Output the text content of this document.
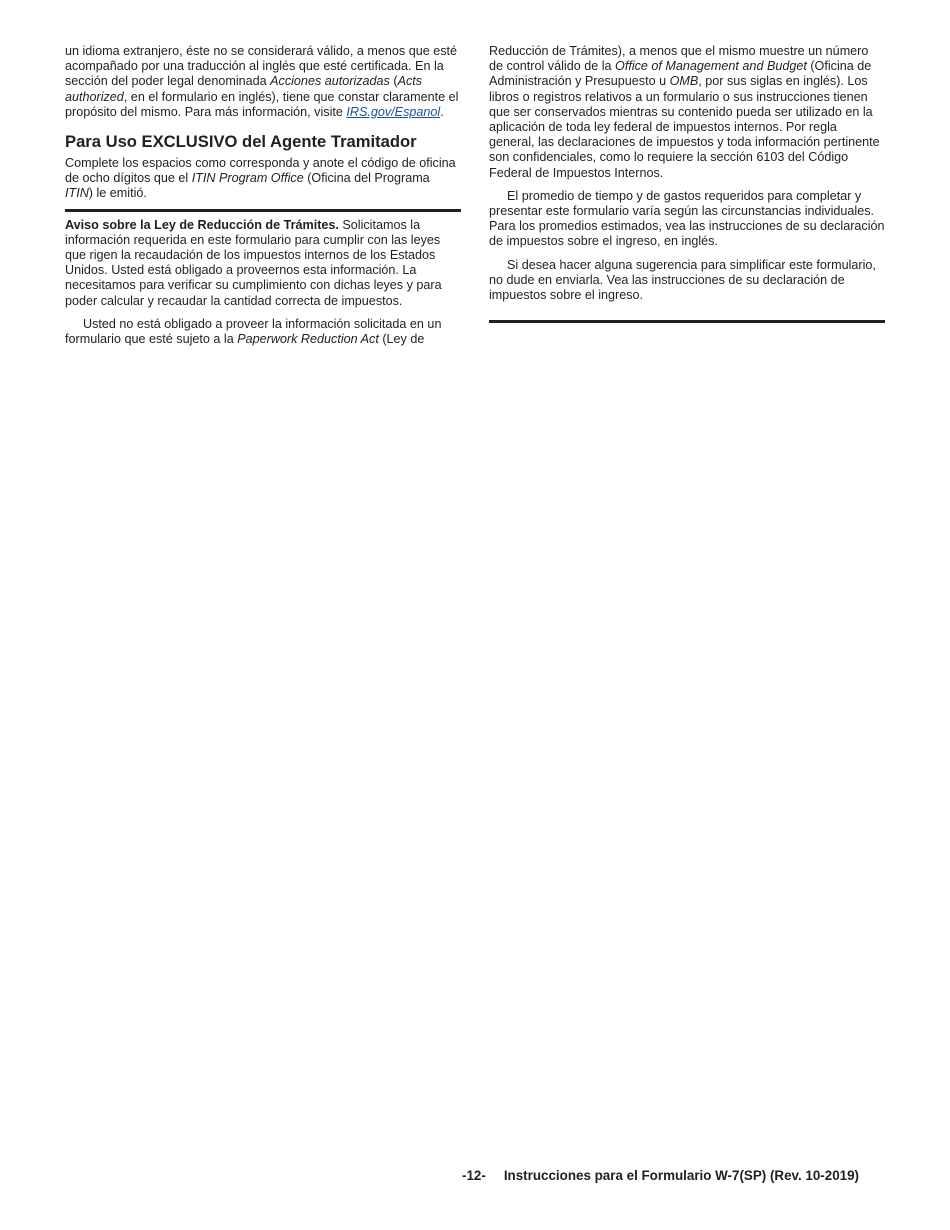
un idioma extranjero, éste no se considerará válido, a menos que esté acompañado por una traducción al inglés que esté certificada. En la sección del poder legal denominada Acciones autorizadas (Acts authorized, en el formulario en inglés), tiene que constar claramente el propósito del mismo. Para más información, visite IRS.gov/Espanol.

Para Uso EXCLUSIVO del Agente Tramitador

Complete los espacios como corresponda y anote el código de oficina de ocho dígitos que el ITIN Program Office (Oficina del Programa ITIN) le emitió.

Aviso sobre la Ley de Reducción de Trámites. Solicitamos la información requerida en este formulario para cumplir con las leyes que rigen la recaudación de los impuestos internos de los Estados Unidos. Usted está obligado a proveernos esta información. La necesitamos para verificar su cumplimiento con dichas leyes y para poder calcular y recaudar la cantidad correcta de impuestos.

Usted no está obligado a proveer la información solicitada en un formulario que esté sujeto a la Paperwork Reduction Act (Ley de

Reducción de Trámites), a menos que el mismo muestre un número de control válido de la Office of Management and Budget (Oficina de Administración y Presupuesto u OMB, por sus siglas en inglés). Los libros o registros relativos a un formulario o sus instrucciones tienen que ser conservados mientras su contenido pueda ser utilizado en la aplicación de toda ley federal de impuestos internos. Por regla general, las declaraciones de impuestos y toda información pertinente son confidenciales, como lo requiere la sección 6103 del Código Federal de Impuestos Internos.

El promedio de tiempo y de gastos requeridos para completar y presentar este formulario varía según las circunstancias individuales. Para los promedios estimados, vea las instrucciones de su declaración de impuestos sobre el ingreso, en inglés.

Si desea hacer alguna sugerencia para simplificar este formulario, no dude en enviarla. Vea las instrucciones de su declaración de impuestos sobre el ingreso.

-12- Instrucciones para el Formulario W-7(SP) (Rev. 10-2019)
